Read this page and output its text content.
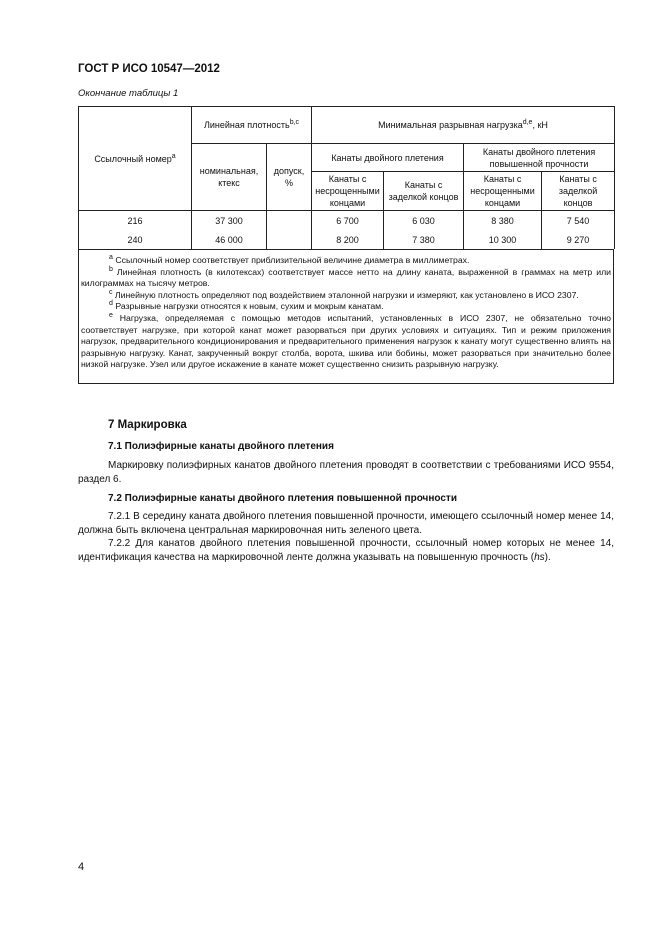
ГОСТ Р ИСО 10547—2012
Окончание таблицы 1
Ссылочный номер$^a$	Линейная плотность$^{b,c}$		Минимальная разрывная нагрузка$^{d,e}$, кН			
	номинальная, ктекс	допуск, %	Канаты двойного плетения		Канаты двойного плетения повышенной прочности	
			Канаты с несрощенными концами	Канаты с заделкой концов	Канаты с несрощенными концами	Канаты с заделкой концов
216	37 300		6 700	6 030	8 380	7 540
240	46 000		8 200	7 380	10 300	9 270

$^a$ Ссылочный номер соответствует приблизительной величине диаметра в миллиметрах.

$^b$ Линейная плотность (в килотексах) соответствует массе нетто на длину каната, выраженной в граммах на метр или килограммах на тысячу метров.

$^c$ Линейную плотность определяют под воздействием эталонной нагрузки и измеряют, как установлено в ИСО 2307.

$^d$ Разрывные нагрузки относятся к новым, сухим и мокрым канатам.

$^e$ Нагрузка, определяемая с помощью методов испытаний, установленных в ИСО 2307, не обязательно точно соответствует нагрузке, при которой канат может разорваться при других условиях и ситуациях. Тип и режим приложения нагрузок, предварительного кондиционирования и предварительного применения нагрузок к канату могут существенно влиять на разрывную нагрузку. Канат, закрученный вокруг столба, ворота, шкива или бобины, может разорваться при значительно более низкой нагрузке. Узел или другое искажение в канате может существенно снизить разрывную нагрузку.

7 Маркировка
7.1 Полиэфирные канаты двойного плетения

Маркировку полиэфирных канатов двойного плетения проводят в соответствии с требованиями ИСО 9554, раздел 6.

7.2 Полиэфирные канаты двойного плетения повышенной прочности

7.2.1 В середину каната двойного плетения повышенной прочности, имеющего ссылочный номер менее 14, должна быть включена центральная маркировочная нить зеленого цвета.

7.2.2 Для канатов двойного плетения повышенной прочности, ссылочный номер которых не менее 14, идентификация качества на маркировочной ленте должна указывать на повышенную прочность (hs).

4
